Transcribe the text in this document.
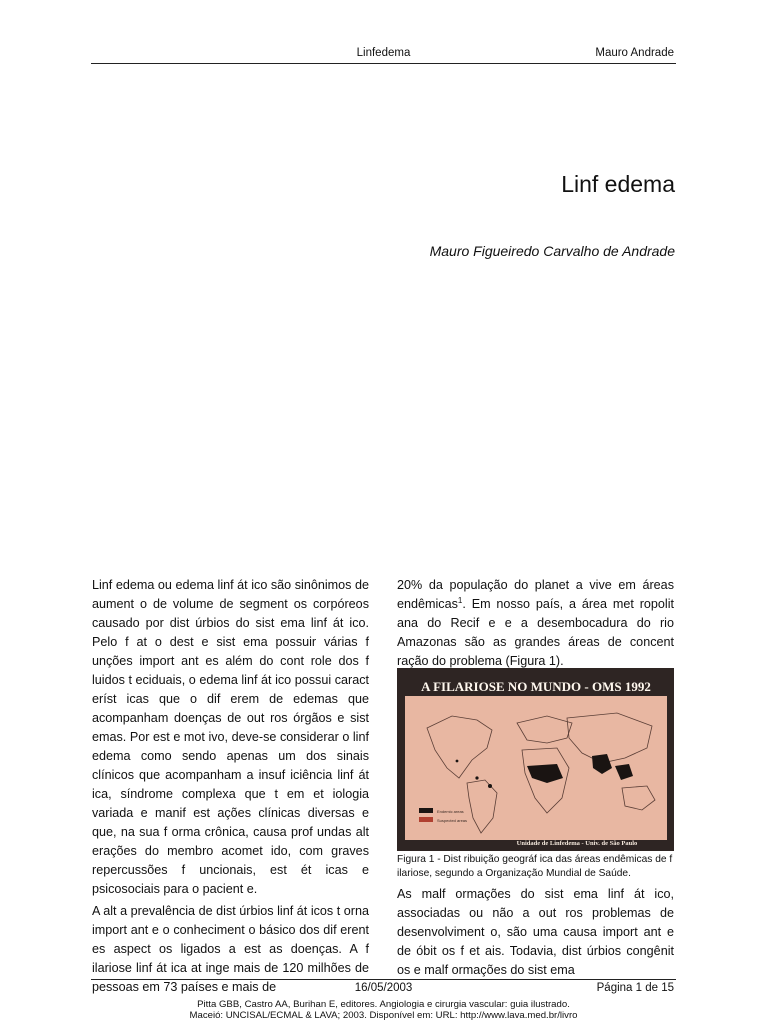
Linfedema	Mauro Andrade
Linf edema
Mauro Figueiredo Carvalho de Andrade

Linf edema ou edema linf át ico são sinônimos de aument o de volume de segment os corpóreos causado por dist úrbios do sist ema linf át ico. Pelo f at o dest e sist ema possuir várias f unções import ant es além do cont role dos f luidos t eciduais, o edema linf át ico possui caract eríst icas que o dif erem de edemas que acompanham doenças de out ros órgãos e sist emas. Por est e mot ivo, deve-se considerar o linf edema como sendo apenas um dos sinais clínicos que acompanham a insuf iciência linf át ica, síndrome complexa que t em et iologia variada e manif est ações clínicas diversas e que, na sua f orma crônica, causa prof undas alt erações do membro acomet ido, com graves repercussões f uncionais, est ét icas e psicosociais para o pacient e.

A alt a prevalência de dist úrbios linf át icos t orna import ant e o conheciment o básico dos dif erent es aspect os ligados a est as doenças. A f ilariose linf át ica at inge mais de 120 milhões de pessoas em 73 países e mais de

20% da população do planet a vive em áreas endêmicas$^1$. Em nosso país, a área met ropolit ana do Recif e e a desembocadura do rio Amazonas são as grandes áreas de concent ração do problema (Figura 1).

A FILARIOSE NO MUNDO - OMS 1992
Endemic areas
Suspected areas
Unidade de Linfedema - Univ. de São Paulo
Figura 1 - Dist ribuição geográf ica das áreas endêmicas de f ilariose, segundo a Organização Mundial de Saúde.

As malf ormações do sist ema linf át ico, associadas ou não a out ros problemas de desenvolviment o, são uma causa import ant e de óbit os f et ais. Todavia, dist úrbios congênit os e malf ormações do sist ema

16/05/2003	Página 1 de 15
Pitta GBB, Castro AA, Burihan E, editores. Angiologia e cirurgia vascular: guia ilustrado.
Maceió: UNCISAL/ECMAL & LAVA; 2003. Disponível em: URL: http://www.lava.med.br/livro
